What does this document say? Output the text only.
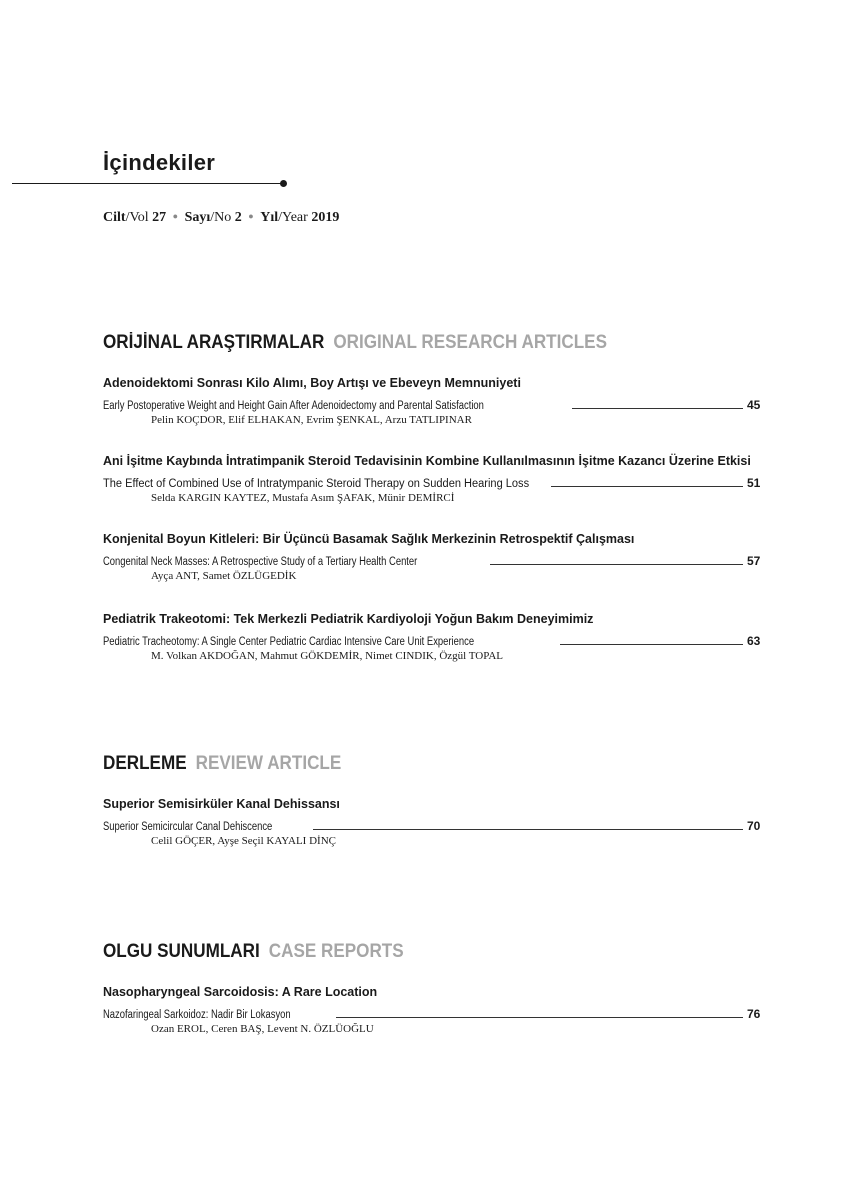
İçindekiler
Cilt/Vol 27 ● Sayı/No 2 ● Yıl/Year 2019
ORİJİNAL ARAŞTIRMALAR ORIGINAL RESEARCH ARTICLES
Adenoidektomi Sonrası Kilo Alımı, Boy Artışı ve Ebeveyn Memnuniyeti
Early Postoperative Weight and Height Gain After Adenoidectomy and Parental Satisfaction	45
Pelin KOÇDOR, Elif ELHAKAN, Evrim ŞENKAL, Arzu TATLIPINAR
Ani İşitme Kaybında İntratimpanik Steroid Tedavisinin Kombine Kullanılmasının İşitme Kazancı Üzerine Etkisi
The Effect of Combined Use of Intratympanic Steroid Therapy on Sudden Hearing Loss	51
Selda KARGIN KAYTEZ, Mustafa Asım ŞAFAK, Münir DEMİRCİ
Konjenital Boyun Kitleleri: Bir Üçüncü Basamak Sağlık Merkezinin Retrospektif Çalışması
Congenital Neck Masses: A Retrospective Study of a Tertiary Health Center	57
Ayça ANT, Samet ÖZLÜGEDİK
Pediatrik Trakeotomi: Tek Merkezli Pediatrik Kardiyoloji Yoğun Bakım Deneyimimiz
Pediatric Tracheotomy: A Single Center Pediatric Cardiac Intensive Care Unit Experience	63
M. Volkan AKDOĞAN, Mahmut GÖKDEMİR, Nimet CINDIK, Özgül TOPAL
DERLEME REVIEW ARTICLE
Superior Semisirküler Kanal Dehissansı
Superior Semicircular Canal Dehiscence	70
Celil GÖÇER, Ayşe Seçil KAYALI DİNÇ
OLGU SUNUMLARI CASE REPORTS
Nasopharyngeal Sarcoidosis: A Rare Location
Nazofaringeal Sarkoidoz: Nadir Bir Lokasyon	76
Ozan EROL, Ceren BAŞ, Levent N. ÖZLÜOĞLU
